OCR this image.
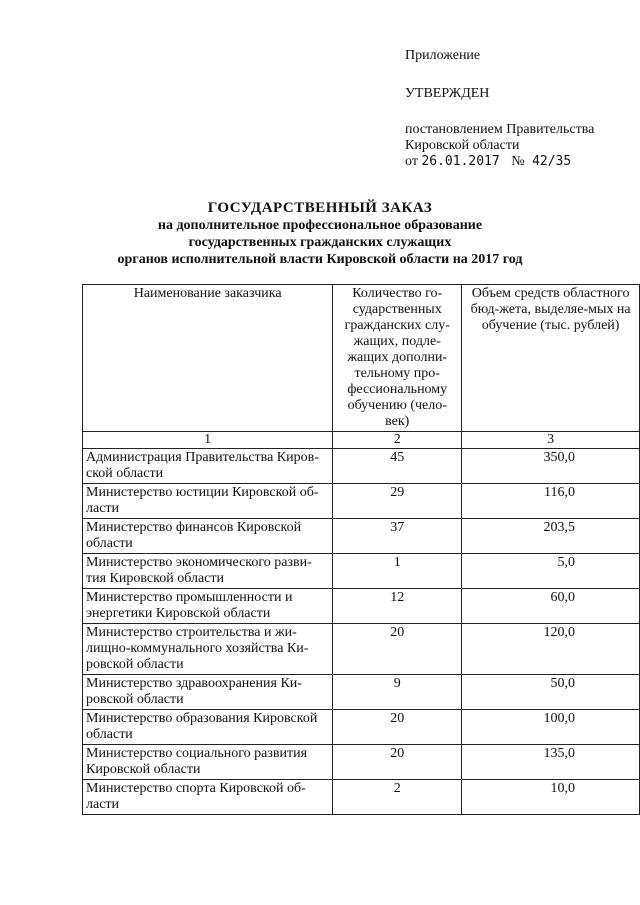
Приложение
УТВЕРЖДЕН
постановлением Правительства
Кировской области
от 26.01.2017 № 42/35
ГОСУДАРСТВЕННЫЙ ЗАКАЗ
на дополнительное профессиональное образование
государственных гражданских служащих
органов исполнительной власти Кировской области на 2017 год
Наименование заказчика	Количество го-сударственных гражданских слу-жащих, подле-жащих дополни-тельному про-фессиональному обучению (чело-век)	Объем средств областного бюд-жета, выделяе-мых на обучение (тыс. рублей)
1	2	3
Администрация Правительства Киров-ской области	45	350,0
Министерство юстиции Кировской об-ласти	29	116,0
Министерство финансов Кировской области	37	203,5
Министерство экономического разви-тия Кировской области	1	5,0
Министерство промышленности и энергетики Кировской области	12	60,0
Министерство строительства и жи-лищно-коммунального хозяйства Ки-ровской области	20	120,0
Министерство здравоохранения Ки-ровской области	9	50,0
Министерство образования Кировской области	20	100,0
Министерство социального развития Кировской области	20	135,0
Министерство спорта Кировской об-ласти	2	10,0
